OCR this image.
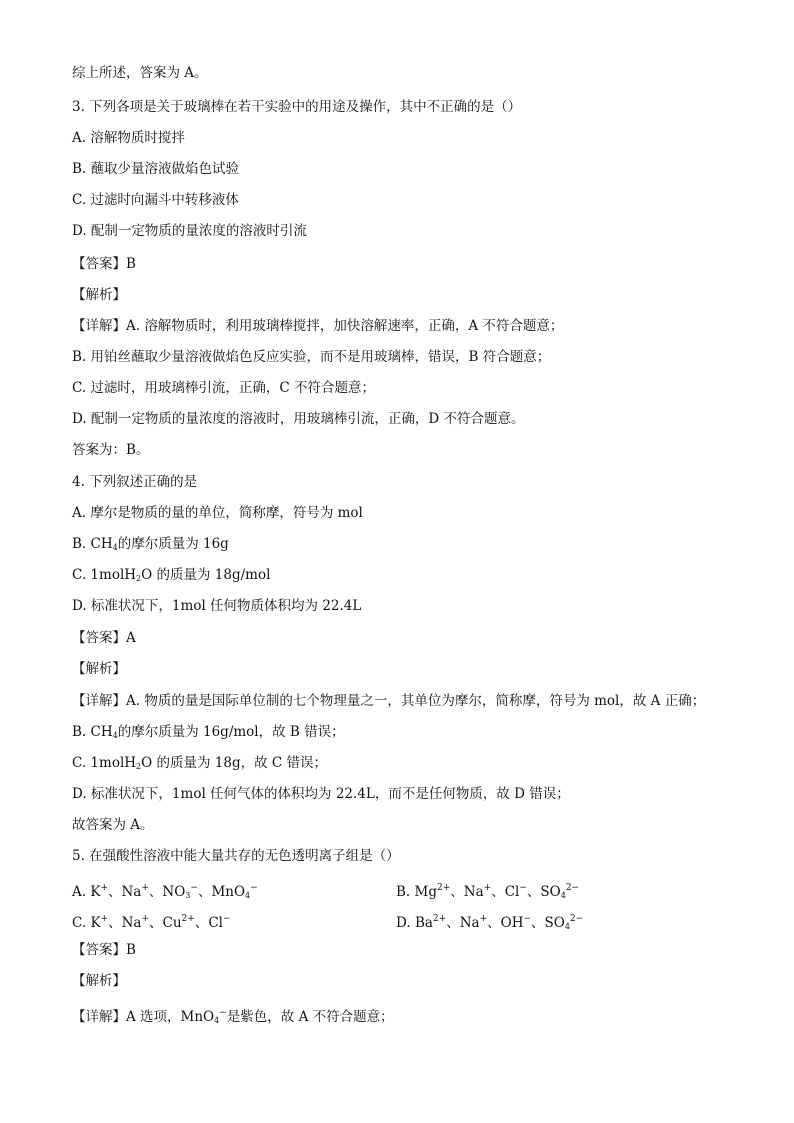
综上所述，答案为 A。
3. 下列各项是关于玻璃棒在若干实验中的用途及操作，其中不正确的是（）
A. 溶解物质时搅拌
B. 蘸取少量溶液做焰色试验
C. 过滤时向漏斗中转移液体
D. 配制一定物质的量浓度的溶液时引流
【答案】B
【解析】
【详解】A. 溶解物质时，利用玻璃棒搅拌，加快溶解速率，正确，A 不符合题意；
B. 用铂丝蘸取少量溶液做焰色反应实验，而不是用玻璃棒，错误，B 符合题意；
C. 过滤时，用玻璃棒引流，正确，C 不符合题意；
D. 配制一定物质的量浓度的溶液时，用玻璃棒引流，正确，D 不符合题意。
答案为：B。
4. 下列叙述正确的是
A. 摩尔是物质的量的单位，简称摩，符号为 mol
B. $CH_4$的摩尔质量为 16g
C. 1molH$_2$O 的质量为 18g/mol
D. 标准状况下，1mol 任何物质体积均为 22.4L
【答案】A
【解析】
【详解】A. 物质的量是国际单位制的七个物理量之一，其单位为摩尔，简称摩，符号为 mol，故 A 正确；
B. $CH_4$的摩尔质量为 16g/mol，故 B 错误；
C. 1molH$_2$O 的质量为 18g，故 C 错误；
D. 标准状况下，1mol 任何气体的体积均为 22.4L，而不是任何物质，故 D 错误；
故答案为 A。
5. 在强酸性溶液中能大量共存的无色透明离子组是（）
A. K+、Na+、$NO_3^-$、MnO$_4$−	B. $Mg^{2+}$、Na+、Cl−、$SO_4^{2-}$
C. K+、Na+、$Cu^{2+}$、Cl−	D. $Ba^{2+}$、Na+、OH−、$SO_4^{2-}$
【答案】B
【解析】
【详解】A 选项，MnO$_4$−是紫色，故 A 不符合题意；
